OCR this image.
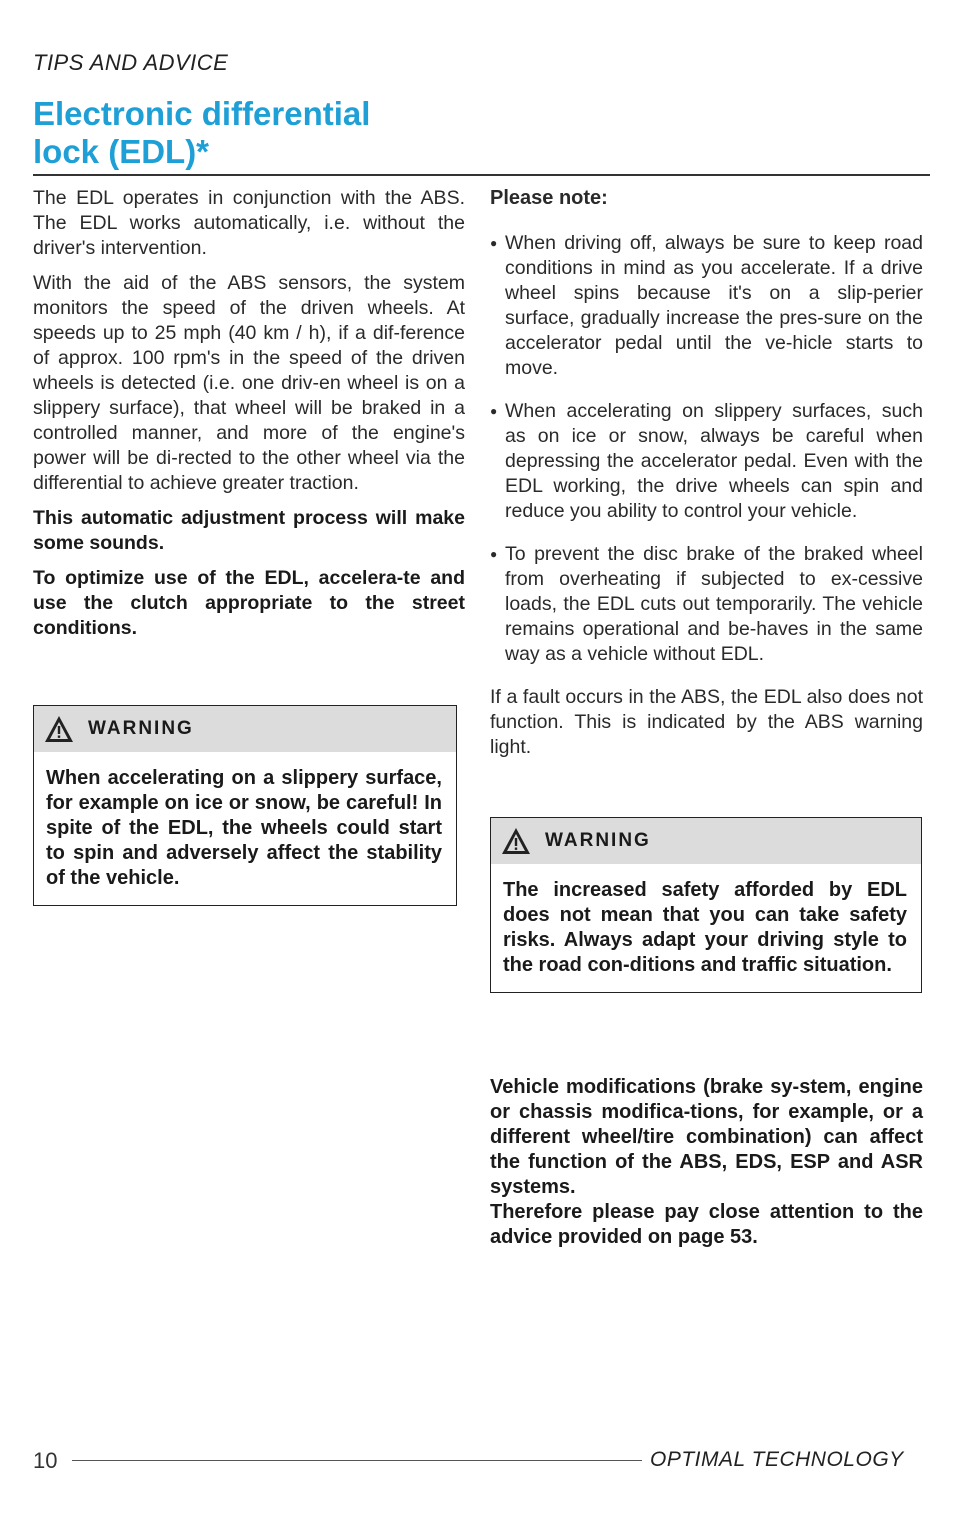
TIPS AND ADVICE
Electronic differential
lock (EDL)*

The EDL operates in conjunction with the ABS. The EDL works automatically, i.e. without the driver's intervention.

With the aid of the ABS sensors, the system monitors the speed of the driven wheels. At speeds up to 25 mph (40 km / h), if a dif-ference of approx. 100 rpm's in the speed of the driven wheels is detected (i.e. one driv-en wheel is on a slippery surface), that wheel will be braked in a controlled manner, and more of the engine's power will be di-rected to the other wheel via the differential to achieve greater traction.

This automatic adjustment process will make some sounds.

To optimize use of the EDL, accelera-te and use the clutch appropriate to the street conditions.

WARNING
When accelerating on a slippery surface, for example on ice or snow, be careful! In spite of the EDL, the wheels could start to spin and adversely affect the stability of the vehicle.

Please note:

● When driving off, always be sure to keep road conditions in mind as you accelerate. If a drive wheel spins because it's on a slip-perier surface, gradually increase the pres-sure on the accelerator pedal until the ve-hicle starts to move.
● When accelerating on slippery surfaces, such as on ice or snow, always be careful when depressing the accelerator pedal. Even with the EDL working, the drive wheels can spin and reduce you ability to control your vehicle.
● To prevent the disc brake of the braked wheel from overheating if subjected to ex-cessive loads, the EDL cuts out temporarily. The vehicle remains operational and be-haves in the same way as a vehicle without EDL.

If a fault occurs in the ABS, the EDL also does not function. This is indicated by the ABS warning light.

WARNING
The increased safety afforded by EDL does not mean that you can take safety risks. Always adapt your driving style to the road con-ditions and traffic situation.
Vehicle modifications (brake sy-stem, engine or chassis modifica-tions, for example, or a different wheel/tire combination) can affect the function of the ABS, EDS, ESP and ASR systems.
Therefore please pay close attention to the advice provided on page 53.
10	OPTIMAL TECHNOLOGY
